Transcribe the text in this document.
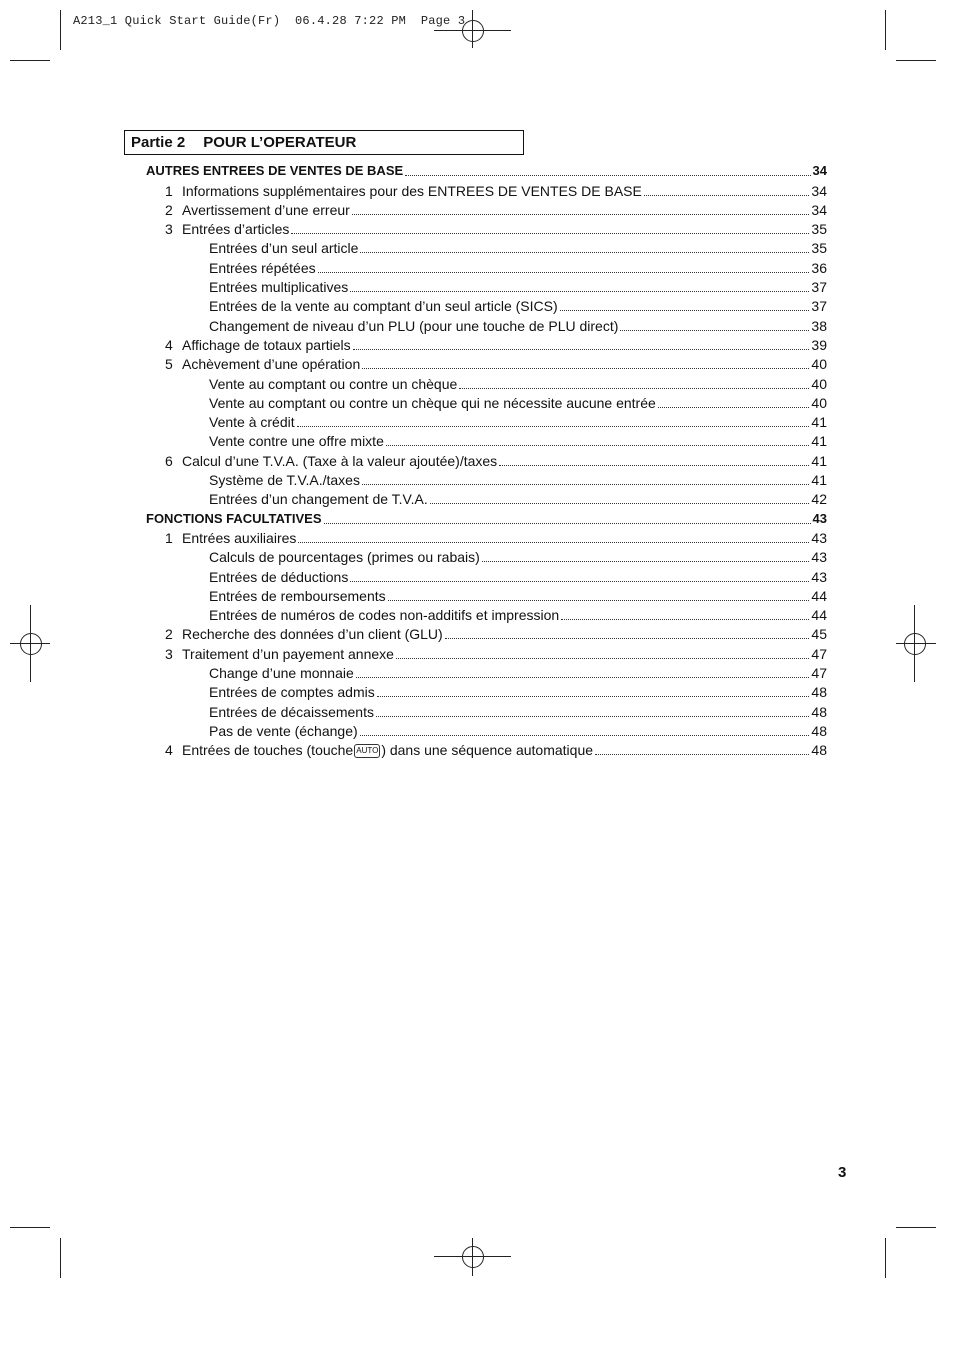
A213_1 Quick Start Guide(Fr)  06.4.28 7:22 PM  Page 3
Partie 2 POUR L’OPERATEUR
AUTRES ENTREES DE VENTES DE BASE	34
1 Informations supplémentaires pour des ENTREES DE VENTES DE BASE	34
2 Avertissement d’une erreur	34
3 Entrées d’articles	35
Entrées d’un seul article	35
Entrées répétées	36
Entrées multiplicatives	37
Entrées de la vente au comptant d’un seul article (SICS)	37
Changement de niveau d’un PLU (pour une touche de PLU direct)	38
4 Affichage de totaux partiels	39
5 Achèvement d’une opération	40
Vente au comptant ou contre un chèque	40
Vente au comptant ou contre un chèque qui ne nécessite aucune entrée	40
Vente à crédit	41
Vente contre une offre mixte	41
6 Calcul d’une T.V.A. (Taxe à la valeur ajoutée)/taxes	41
Système de T.V.A./taxes	41
Entrées d’un changement de T.V.A.	42
FONCTIONS FACULTATIVES	43
1 Entrées auxiliaires	43
Calculs de pourcentages (primes ou rabais)	43
Entrées de déductions	43
Entrées de remboursements	44
Entrées de numéros de codes non-additifs et impression	44
2 Recherche des données d’un client (GLU)	45
3 Traitement d’un payement annexe	47
Change d’une monnaie	47
Entrées de comptes admis	48
Entrées de décaissements	48
Pas de vente (échange)	48
4 Entrées de touches (touche AUTO ) dans une séquence automatique	48
3
